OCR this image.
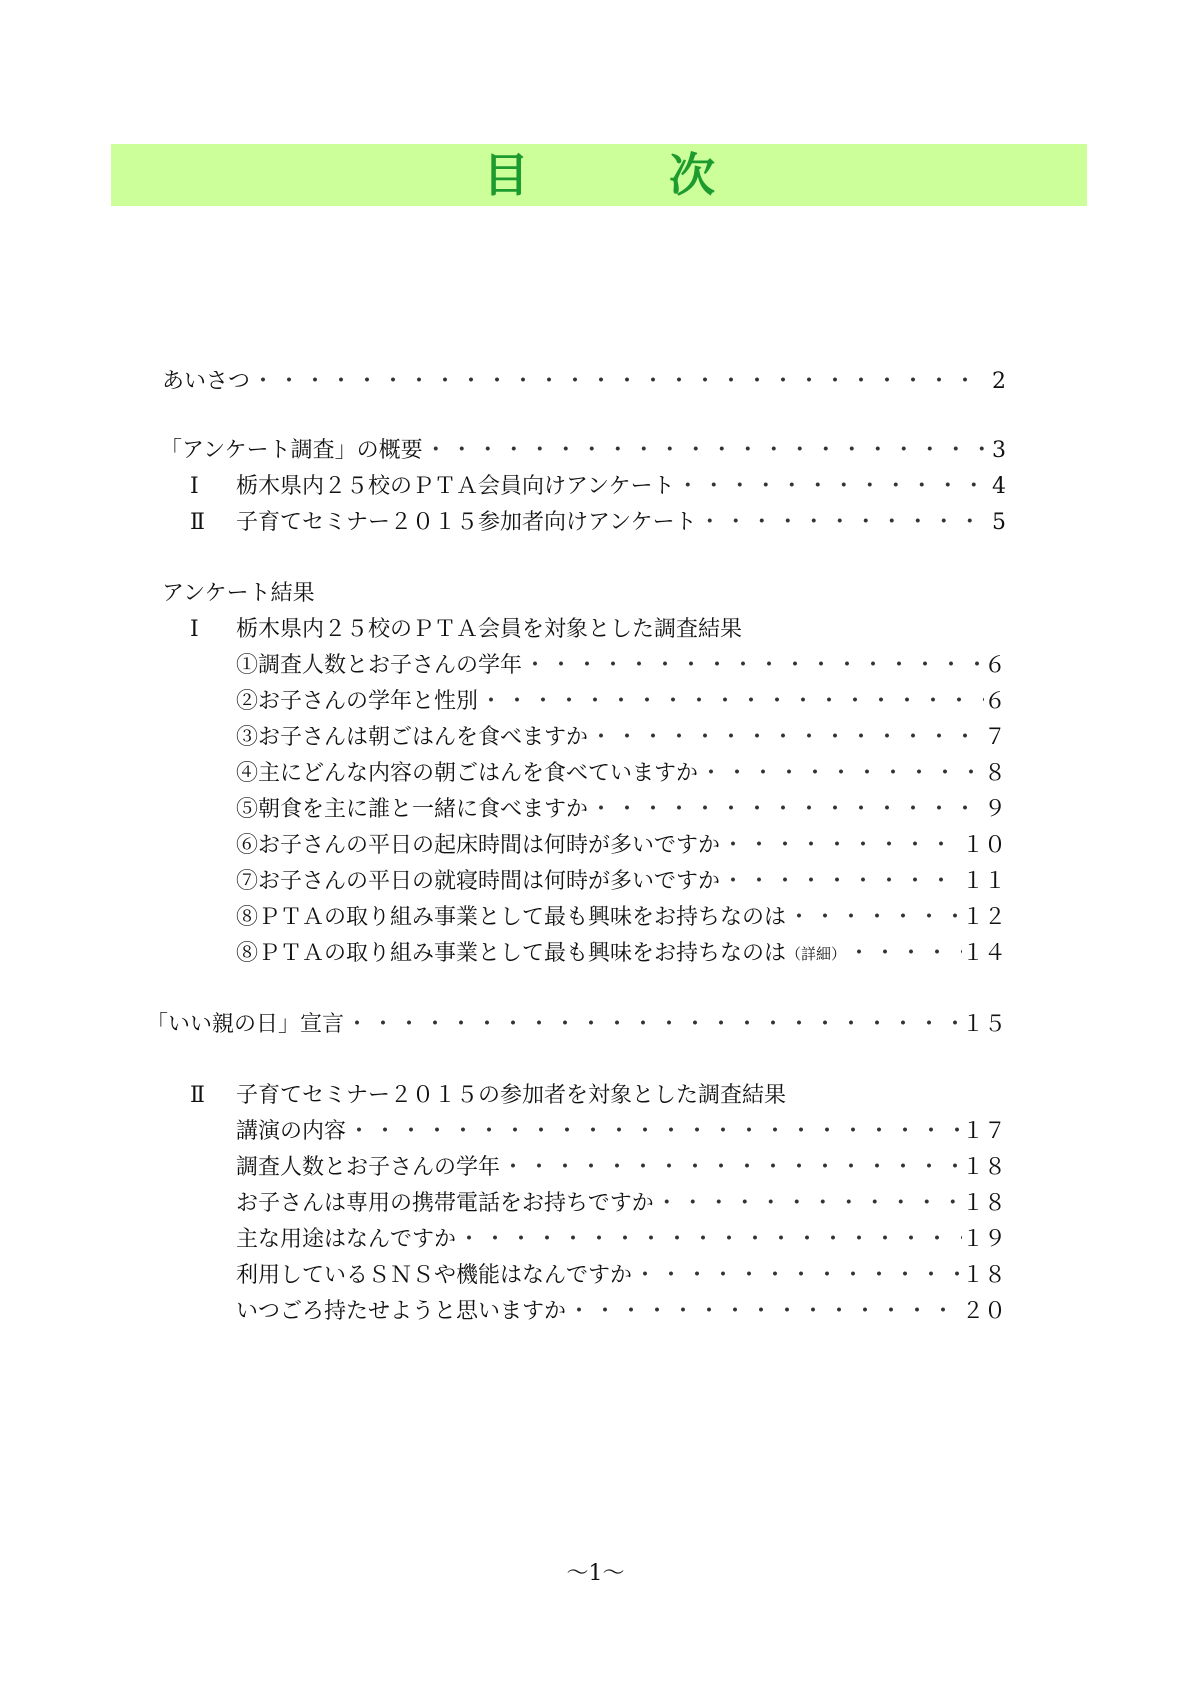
目	次
あいさつ ・・・・・・・・・・・・・・・・・・・・・・・・・・・・・・・・・・・・・・・・・・・・・・・・・・・・・・・・・・・・・・・・・・・・・・・・・・・・・	2
「アンケート調査」の概要 ・・・・・・・・・・・・・・・・・・・・・・・・・・・・・・・・・・・・・・・・・・・・・・・・・・・・・・・・・・・・・・・・・・・・・・・・・・・・・	3
Ⅰ	栃木県内２５校のＰＴＡ会員向けアンケート ・・・・・・・・・・・・・・・・・・・・・・・・・・・・・・・・・・・・・・・・・・・・・・・・・・・・・・・・・・・・・・・・・・・・・・・・・・・・・	4
Ⅱ	子育てセミナー２０１５参加者向けアンケート ・・・・・・・・・・・・・・・・・・・・・・・・・・・・・・・・・・・・・・・・・・・・・・・・・・・・・・・・・・・・・・・・・・・・・・・・・・・・・	5
アンケート結果
Ⅰ	栃木県内２５校のＰＴＡ会員を対象とした調査結果
①調査人数とお子さんの学年 ・・・・・・・・・・・・・・・・・・・・・・・・・・・・・・・・・・・・・・・・・・・・・・・・・・・・・・・・・・・・・・・・・・・・・・・・・・・・・	６
②お子さんの学年と性別 ・・・・・・・・・・・・・・・・・・・・・・・・・・・・・・・・・・・・・・・・・・・・・・・・・・・・・・・・・・・・・・・・・・・・・・・・・・・・・	６
③お子さんは朝ごはんを食べますか ・・・・・・・・・・・・・・・・・・・・・・・・・・・・・・・・・・・・・・・・・・・・・・・・・・・・・・・・・・・・・・・・・・・・・・・・・・・・・	７
④主にどんな内容の朝ごはんを食べていますか ・・・・・・・・・・・・・・・・・・・・・・・・・・・・・・・・・・・・・・・・・・・・・・・・・・・・・・・・・・・・・・・・・・・・・・・・・・・・・	８
⑤朝食を主に誰と一緒に食べますか ・・・・・・・・・・・・・・・・・・・・・・・・・・・・・・・・・・・・・・・・・・・・・・・・・・・・・・・・・・・・・・・・・・・・・・・・・・・・・	９
⑥お子さんの平日の起床時間は何時が多いですか ・・・・・・・・・・・・・・・・・・・・・・・・・・・・・・・・・・・・・・・・・・・・・・・・・・・・・・・・・・・・・・・・・・・・・・・・・・・・・	１０
⑦お子さんの平日の就寝時間は何時が多いですか ・・・・・・・・・・・・・・・・・・・・・・・・・・・・・・・・・・・・・・・・・・・・・・・・・・・・・・・・・・・・・・・・・・・・・・・・・・・・・	１１
⑧ＰＴＡの取り組み事業として最も興味をお持ちなのは ・・・・・・・・・・・・・・・・・・・・・・・・・・・・・・・・・・・・・・・・・・・・・・・・・・・・・・・・・・・・・・・・・・・・・・・・・・・・・	１２
⑧ＰＴＡの取り組み事業として最も興味をお持ちなのは （詳細） ・・・・・・・・・・・・・・・・・・・・・・・・・・・・・・・・・・・・・・・・・・・・・・・・・・・・・・・・・・・・・・・・・・・・・・・・・・・・・	１４
「いい親の日」宣言 ・・・・・・・・・・・・・・・・・・・・・・・・・・・・・・・・・・・・・・・・・・・・・・・・・・・・・・・・・・・・・・・・・・・・・・・・・・・・・	１５
Ⅱ	子育てセミナー２０１５の参加者を対象とした調査結果
講演の内容 ・・・・・・・・・・・・・・・・・・・・・・・・・・・・・・・・・・・・・・・・・・・・・・・・・・・・・・・・・・・・・・・・・・・・・・・・・・・・・	１７
調査人数とお子さんの学年 ・・・・・・・・・・・・・・・・・・・・・・・・・・・・・・・・・・・・・・・・・・・・・・・・・・・・・・・・・・・・・・・・・・・・・・・・・・・・・	１８
お子さんは専用の携帯電話をお持ちですか ・・・・・・・・・・・・・・・・・・・・・・・・・・・・・・・・・・・・・・・・・・・・・・・・・・・・・・・・・・・・・・・・・・・・・・・・・・・・・	１８
主な用途はなんですか ・・・・・・・・・・・・・・・・・・・・・・・・・・・・・・・・・・・・・・・・・・・・・・・・・・・・・・・・・・・・・・・・・・・・・・・・・・・・・	１９
利用しているＳＮＳや機能はなんですか ・・・・・・・・・・・・・・・・・・・・・・・・・・・・・・・・・・・・・・・・・・・・・・・・・・・・・・・・・・・・・・・・・・・・・・・・・・・・・	１８
いつごろ持たせようと思いますか ・・・・・・・・・・・・・・・・・・・・・・・・・・・・・・・・・・・・・・・・・・・・・・・・・・・・・・・・・・・・・・・・・・・・・・・・・・・・・	２０
～1～
